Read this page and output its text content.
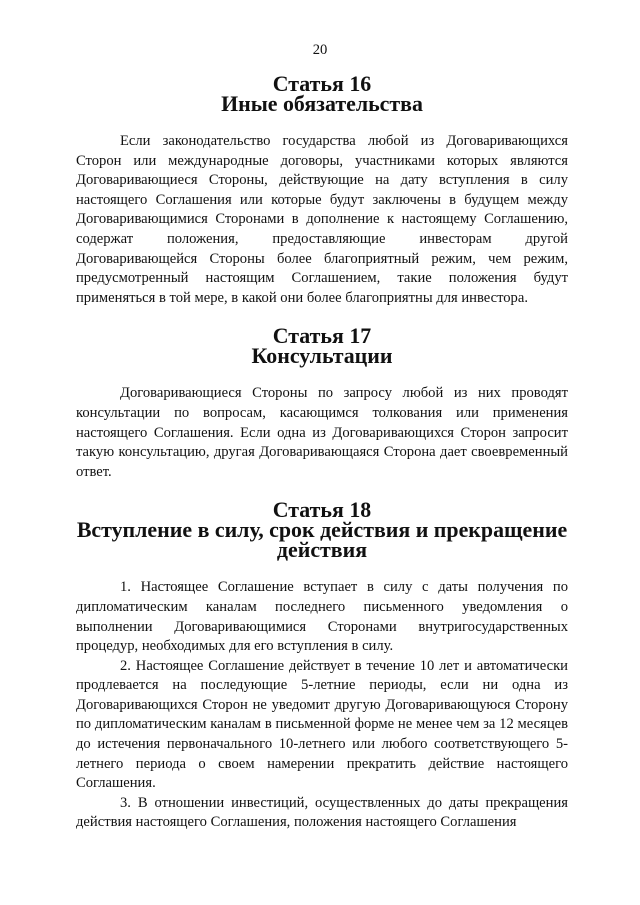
20
Статья 16
Иные обязательства

Если законодательство государства любой из Договаривающихся Сторон или международные договоры, участниками которых являются Договаривающиеся Стороны, действующие на дату вступления в силу настоящего Соглашения или которые будут заключены в будущем между Договаривающимися Сторонами в дополнение к настоящему Соглашению, содержат положения, предоставляющие инвесторам другой Договаривающейся Стороны более благоприятный режим, чем режим, предусмотренный настоящим Соглашением, такие положения будут применяться в той мере, в какой они более благоприятны для инвестора.

Статья 17
Консультации

Договаривающиеся Стороны по запросу любой из них проводят консультации по вопросам, касающимся толкования или применения настоящего Соглашения. Если одна из Договаривающихся Сторон запросит такую консультацию, другая Договаривающаяся Сторона дает своевременный ответ.

Статья 18
Вступление в силу, срок действия и прекращение действия

1. Настоящее Соглашение вступает в силу с даты получения по дипломатическим каналам последнего письменного уведомления о выполнении Договаривающимися Сторонами внутригосударственных процедур, необходимых для его вступления в силу.

2. Настоящее Соглашение действует в течение 10 лет и автоматически продлевается на последующие 5-летние периоды, если ни одна из Договаривающихся Сторон не уведомит другую Договаривающуюся Сторону по дипломатическим каналам в письменной форме не менее чем за 12 месяцев до истечения первоначального 10-летнего или любого соответствующего 5-летнего периода о своем намерении прекратить действие настоящего Соглашения.

3. В отношении инвестиций, осуществленных до даты прекращения действия настоящего Соглашения, положения настоящего Соглашения
